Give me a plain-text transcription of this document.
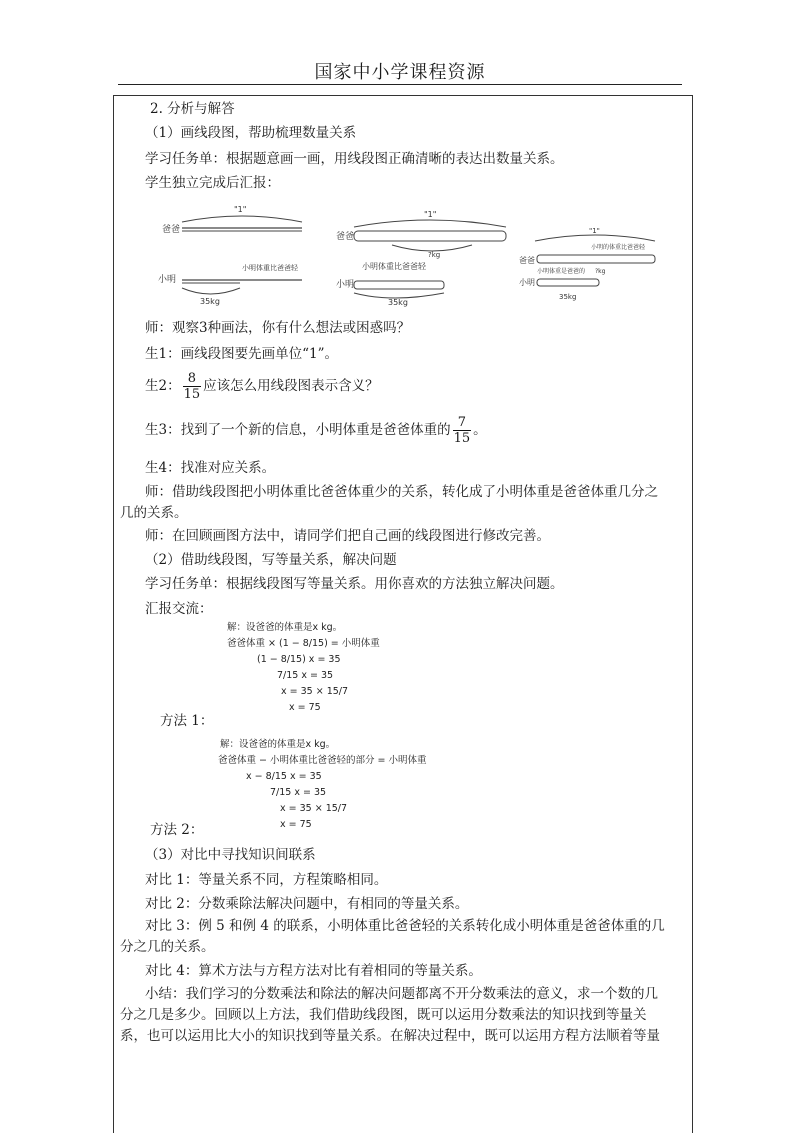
国家中小学课程资源
2. 分析与解答
（1）画线段图，帮助梳理数量关系
学习任务单：根据题意画一画，用线段图正确清晰的表达出数量关系。
学生独立完成后汇报：
爸爸
"1"
小明
小明体重比爸爸轻
35kg
爸爸
"1"
?kg
小明体重比爸爸轻
小明
35kg
"1"
小明的体重比爸爸轻
爸爸
小明体重是爸爸的 ?kg
小明
35kg
师：观察3种画法，你有什么想法或困惑吗？
生1：画线段图要先画单位“1”。
生2： $\frac{8}{15}$ 应该怎么用线段图表示含义？
生3：找到了一个新的信息，小明体重是爸爸体重的 $\frac{7}{15}$ 。
生4：找准对应关系。
师：借助线段图把小明体重比爸爸体重少的关系，转化成了小明体重是爸爸体重几分之几的关系。
师：在回顾画图方法中，请同学们把自己画的线段图进行修改完善。
（2）借助线段图，写等量关系，解决问题
学习任务单：根据线段图写等量关系。用你喜欢的方法独立解决问题。
汇报交流：
解：设爸爸的体重是x kg。
爸爸体重 × (1 − 8/15) = 小明体重
(1 − 8/15) x = 35
7/15 x = 35
x = 35 × 15/7
x = 75
方法 1：
解：设爸爸的体重是x kg。
爸爸体重 − 小明体重比爸爸轻的部分 = 小明体重
x − 8/15 x = 35
7/15 x = 35
x = 35 × 15/7
x = 75
方法 2：
（3）对比中寻找知识间联系
对比 1：等量关系不同，方程策略相同。
对比 2：分数乘除法解决问题中，有相同的等量关系。
对比 3：例 5 和例 4 的联系，小明体重比爸爸轻的关系转化成小明体重是爸爸体重的几分之几的关系。
对比 4：算术方法与方程方法对比有着相同的等量关系。
小结：我们学习的分数乘法和除法的解决问题都离不开分数乘法的意义，求一个数的几分之几是多少。回顾以上方法，我们借助线段图，既可以运用分数乘法的知识找到等量关系，也可以运用比大小的知识找到等量关系。在解决过程中，既可以运用方程方法顺着等量
